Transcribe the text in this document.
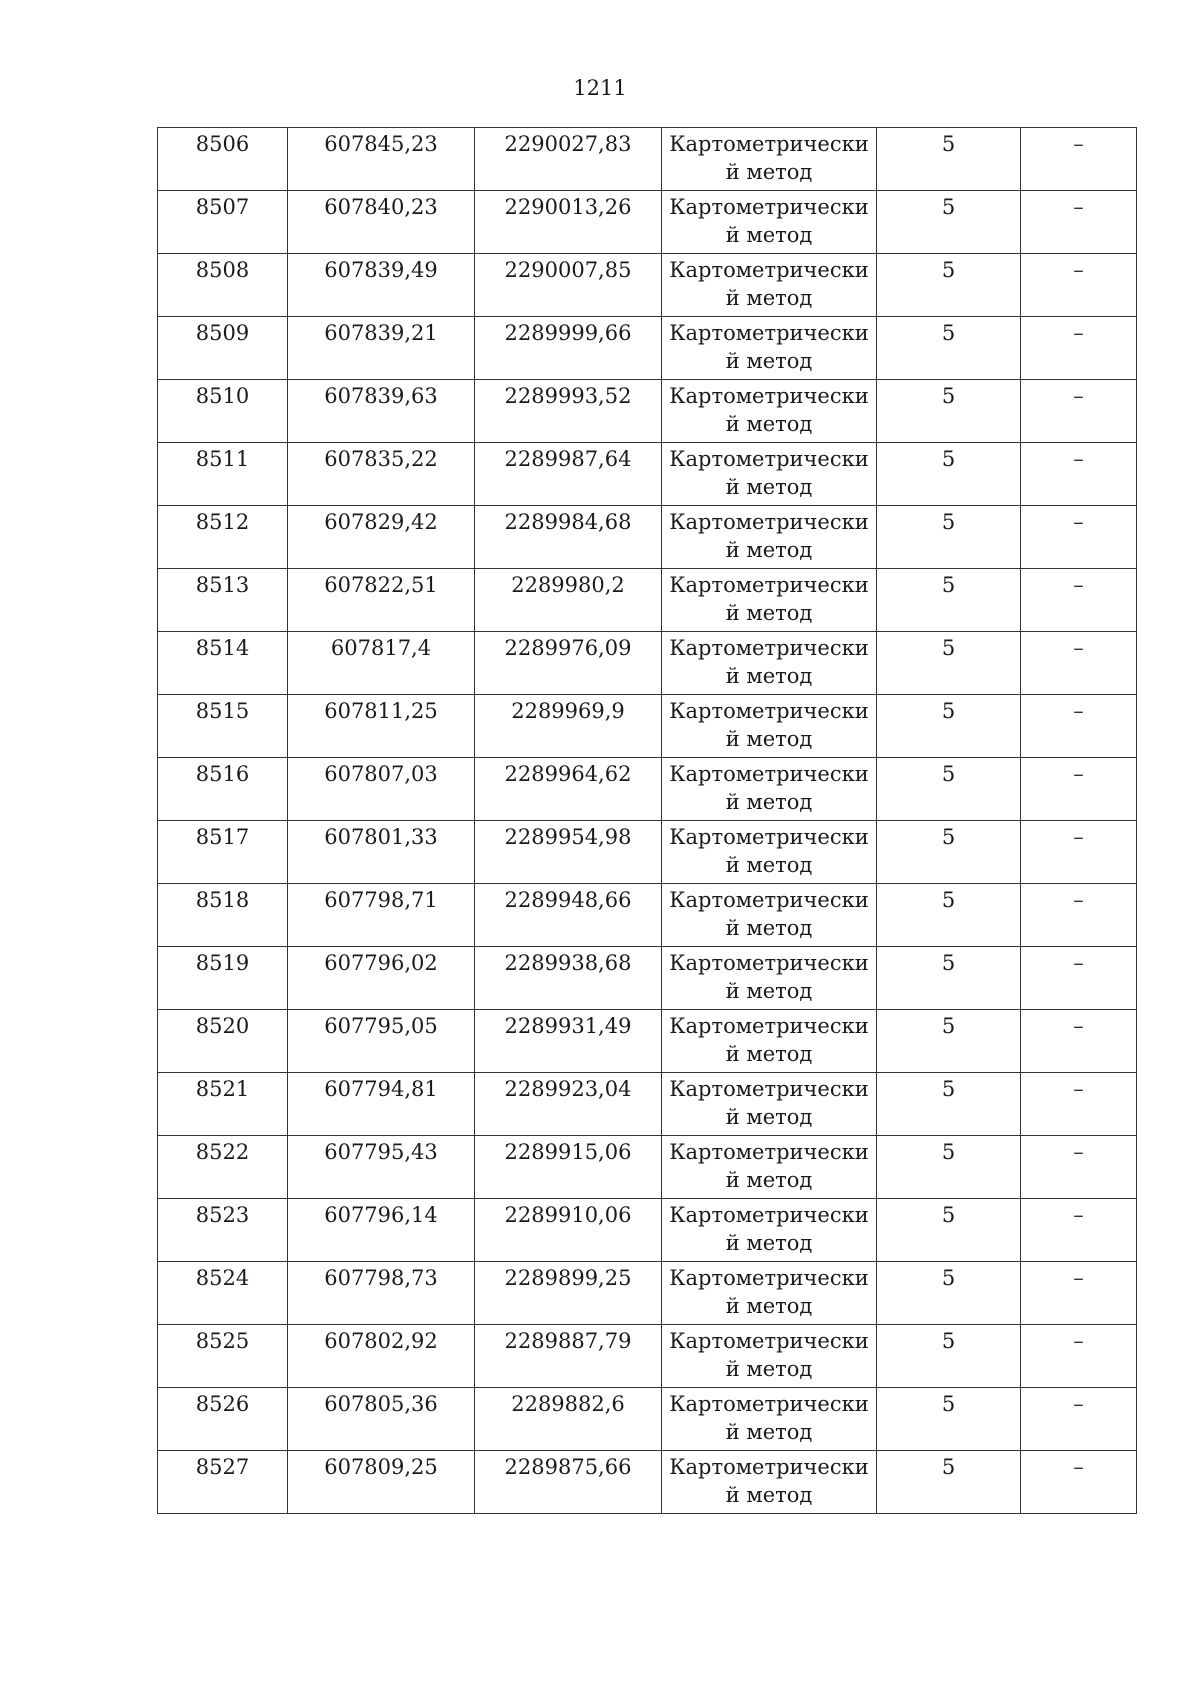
1211
8506	607845,23	2290027,83	Картометрически
й метод	5	–

8507	607840,23	2290013,26	Картометрически
й метод	5	–

8508	607839,49	2290007,85	Картометрически
й метод	5	–

8509	607839,21	2289999,66	Картометрически
й метод	5	–

8510	607839,63	2289993,52	Картометрически
й метод	5	–

8511	607835,22	2289987,64	Картометрически
й метод	5	–

8512	607829,42	2289984,68	Картометрически
й метод	5	–

8513	607822,51	2289980,2	Картометрически
й метод	5	–

8514	607817,4	2289976,09	Картометрически
й метод	5	–

8515	607811,25	2289969,9	Картометрически
й метод	5	–

8516	607807,03	2289964,62	Картометрически
й метод	5	–

8517	607801,33	2289954,98	Картометрически
й метод	5	–

8518	607798,71	2289948,66	Картометрически
й метод	5	–

8519	607796,02	2289938,68	Картометрически
й метод	5	–

8520	607795,05	2289931,49	Картометрически
й метод	5	–

8521	607794,81	2289923,04	Картометрически
й метод	5	–

8522	607795,43	2289915,06	Картометрически
й метод	5	–

8523	607796,14	2289910,06	Картометрически
й метод	5	–

8524	607798,73	2289899,25	Картометрически
й метод	5	–

8525	607802,92	2289887,79	Картометрически
й метод	5	–

8526	607805,36	2289882,6	Картометрически
й метод	5	–

8527	607809,25	2289875,66	Картометрически
й метод	5	–
